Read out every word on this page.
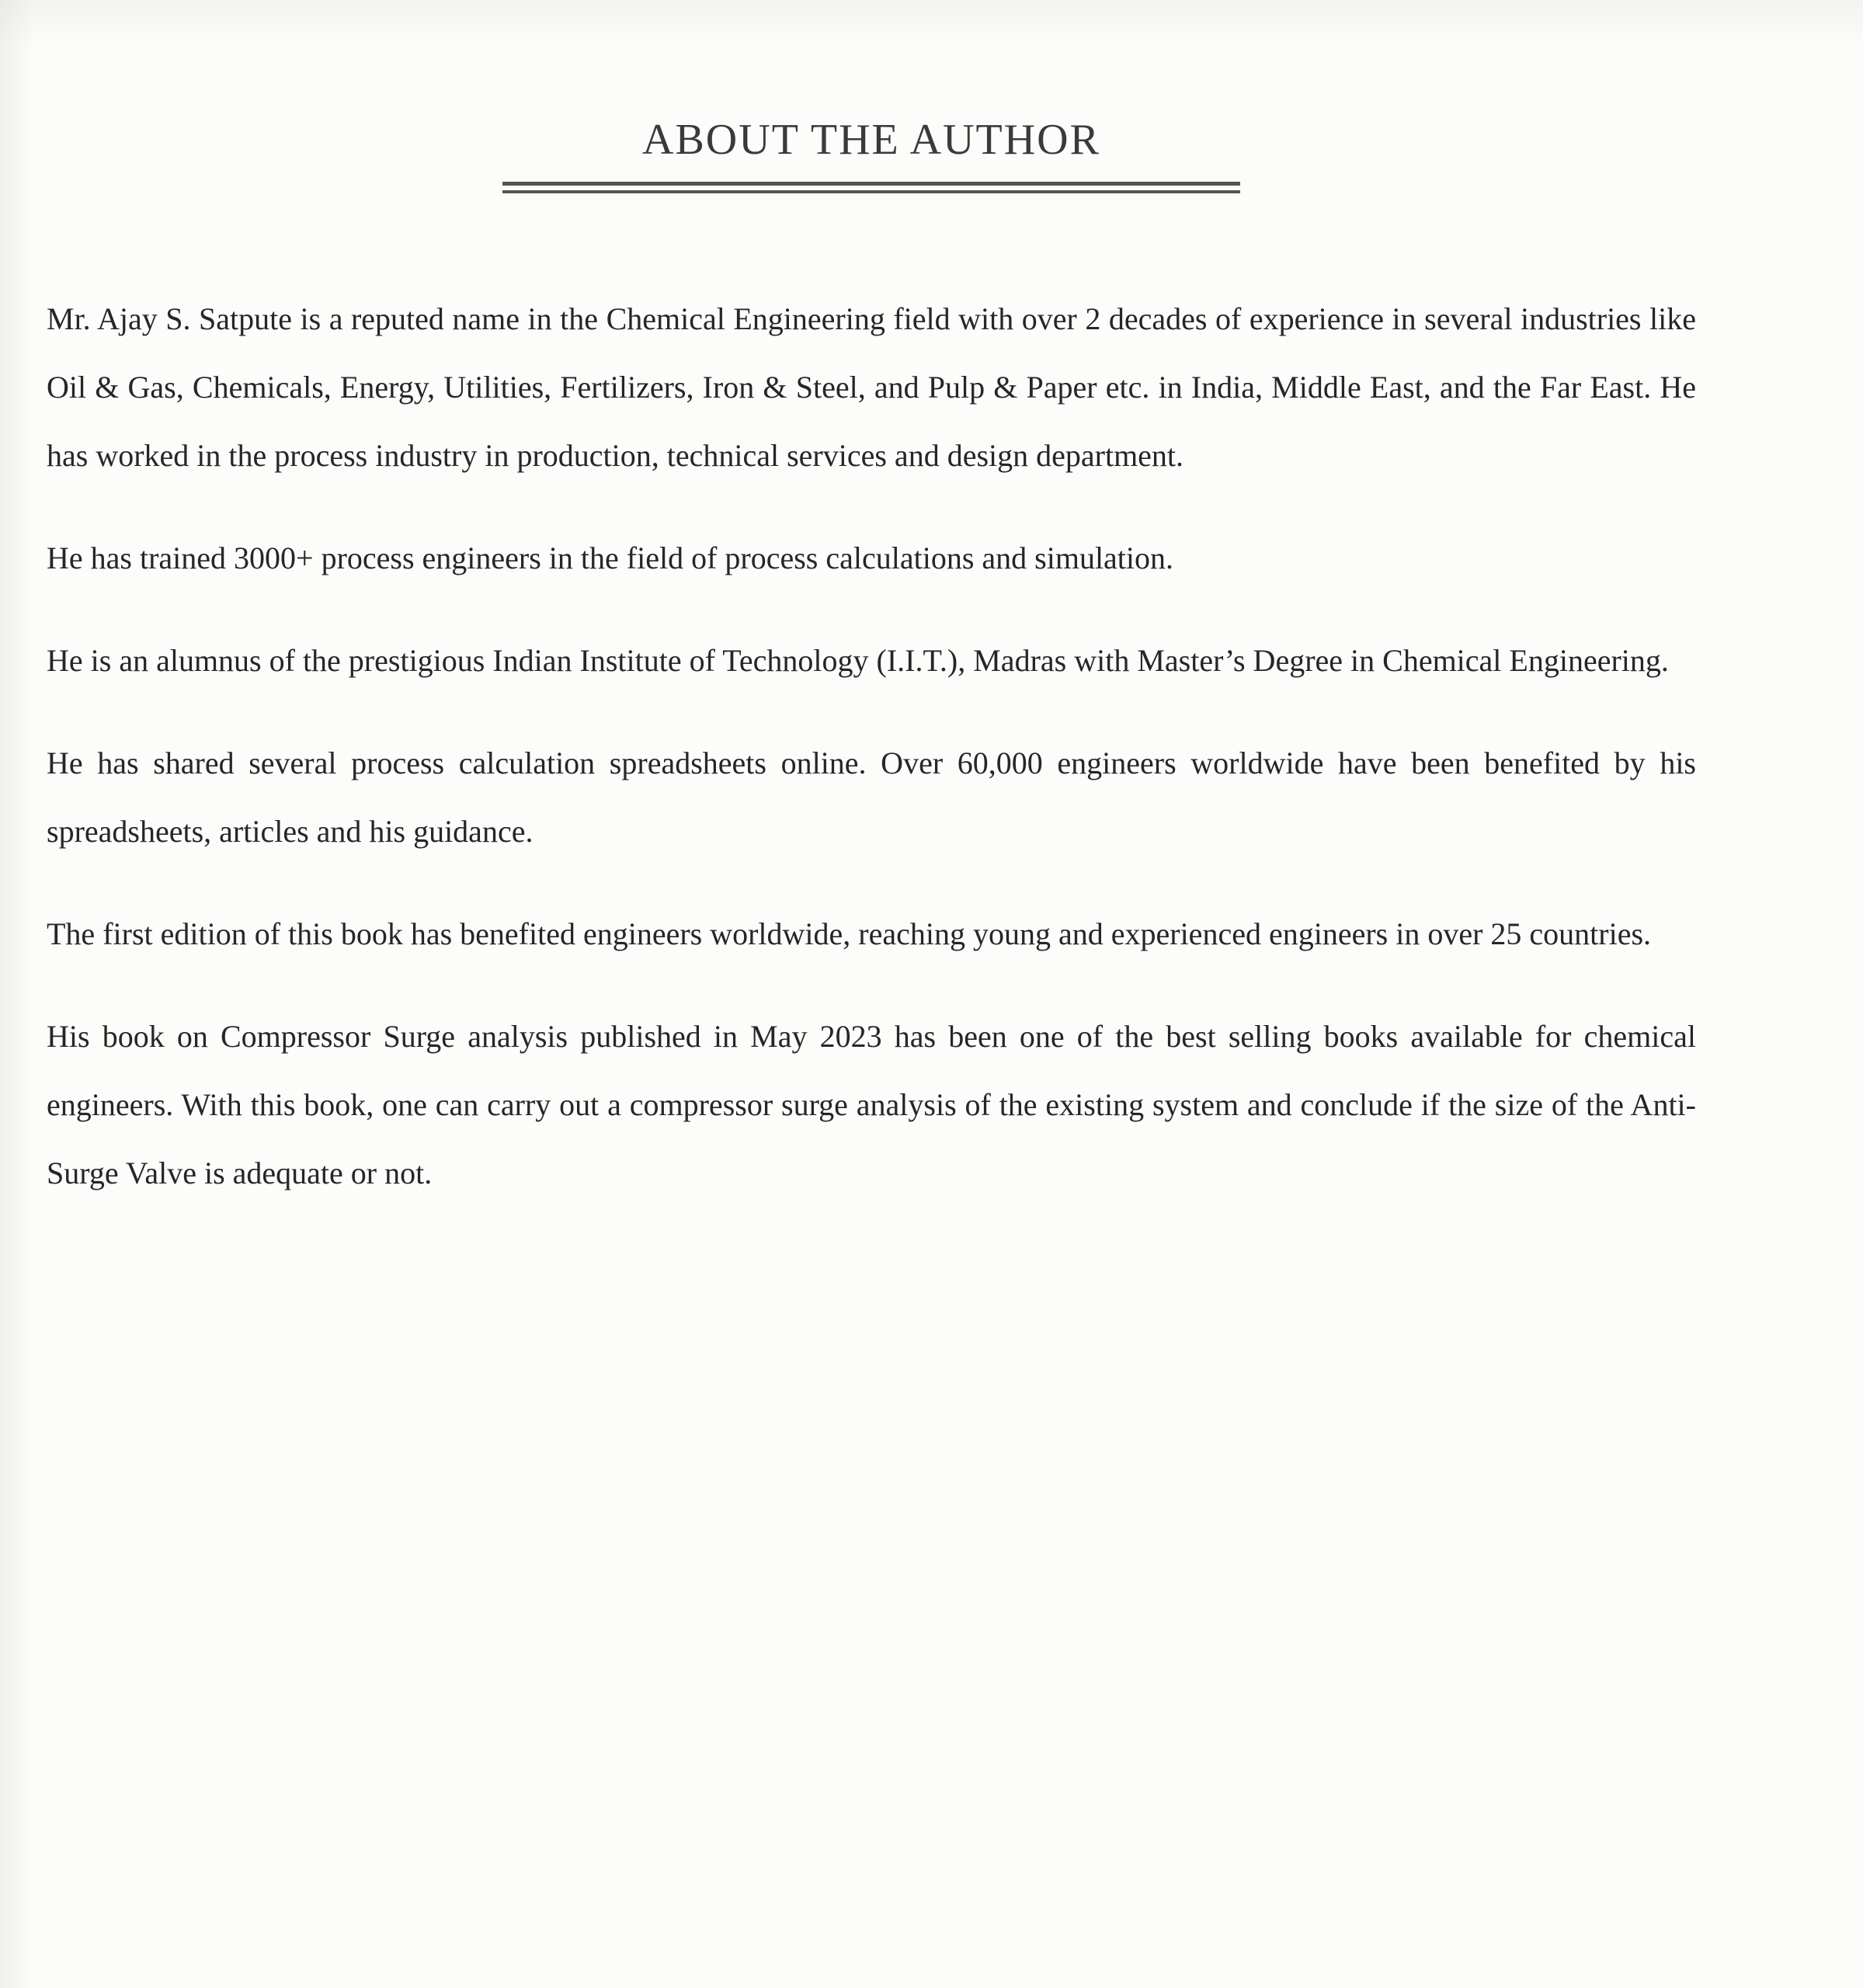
ABOUT THE AUTHOR

Mr. Ajay S. Satpute is a reputed name in the Chemical Engineering field with over 2 decades of experience in several industries like Oil & Gas, Chemicals, Energy, Utilities, Fertilizers, Iron & Steel, and Pulp & Paper etc. in India, Middle East, and the Far East. He has worked in the process industry in production, technical services and design department.

He has trained 3000+ process engineers in the field of process calculations and simulation.

He is an alumnus of the prestigious Indian Institute of Technology (I.I.T.), Madras with Master’s Degree in Chemical Engineering.

He has shared several process calculation spreadsheets online. Over 60,000 engineers worldwide have been benefited by his spreadsheets, articles and his guidance.

The first edition of this book has benefited engineers worldwide, reaching young and experienced engineers in over 25 countries.

His book on Compressor Surge analysis published in May 2023 has been one of the best selling books available for chemical engineers. With this book, one can carry out a compressor surge analysis of the existing system and conclude if the size of the Anti-Surge Valve is adequate or not.
